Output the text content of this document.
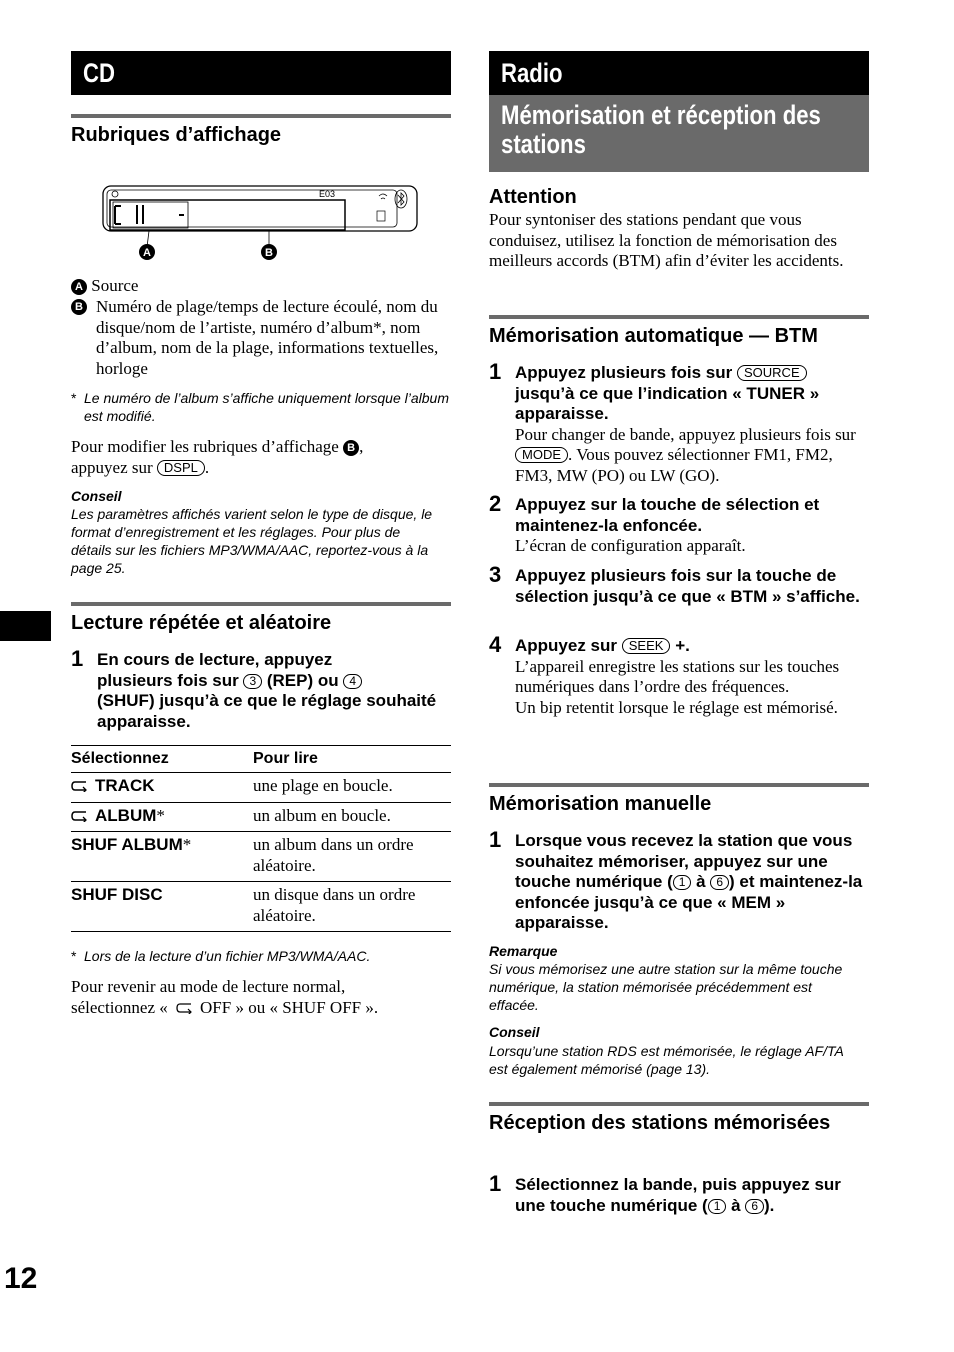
CD
Rubriques d’affichage
E03
A	B
A Source
B Numéro de plage/temps de lecture écoulé, nom du disque/nom de l’artiste, numéro d’album*, nom d’album, nom de la plage, informations textuelles, horloge
* Le numéro de l’album s’affiche uniquement lorsque l’album est modifié.
Pour modifier les rubriques d’affichage B ,
appuyez sur DSPL .
Conseil
Les paramètres affichés varient selon le type de disque, le format d’enregistrement et les réglages. Pour plus de détails sur les fichiers MP3/WMA/AAC, reportez-vous à la page 25.
Lecture répétée et aléatoire
1 En cours de lecture, appuyez
plusieurs fois sur 3 (REP) ou 4
(SHUF) jusqu’à ce que le réglage souhaité apparaisse.
Sélectionnez	Pour lire
TRACK	une plage en boucle.
ALBUM*	un album en boucle.
SHUF ALBUM*	un album dans un ordre aléatoire.
SHUF DISC	un disque dans un ordre aléatoire.
* Lors de la lecture d’un fichier MP3/WMA/AAC.
Pour revenir au mode de lecture normal,
sélectionnez « OFF » ou « SHUF OFF ».
12
Radio
Mémorisation et réception des stations
Attention
Pour syntoniser des stations pendant que vous conduisez, utilisez la fonction de mémorisation des meilleurs accords (BTM) afin d’éviter les accidents.
Mémorisation automatique — BTM
1 Appuyez plusieurs fois sur SOURCE jusqu’à ce que l’indication « TUNER » apparaisse.
Pour changer de bande, appuyez plusieurs fois sur MODE . Vous pouvez sélectionner FM1, FM2, FM3, MW (PO) ou LW (GO).
2 Appuyez sur la touche de sélection et maintenez-la enfoncée.
L’écran de configuration apparaît.
3 Appuyez plusieurs fois sur la touche de sélection jusqu’à ce que « BTM » s’affiche.
4 Appuyez sur SEEK +.
L’appareil enregistre les stations sur les touches numériques dans l’ordre des fréquences.
Un bip retentit lorsque le réglage est mémorisé.
Mémorisation manuelle
1 Lorsque vous recevez la station que vous souhaitez mémoriser, appuyez sur une touche numérique ( 1 à 6 ) et maintenez-la enfoncée jusqu’à ce que « MEM » apparaisse.
Remarque
Si vous mémorisez une autre station sur la même touche numérique, la station mémorisée précédemment est effacée.
Conseil
Lorsqu’une station RDS est mémorisée, le réglage AF/TA est également mémorisé (page 13).
Réception des stations mémorisées
1 Sélectionnez la bande, puis appuyez sur une touche numérique ( 1 à 6 ).
